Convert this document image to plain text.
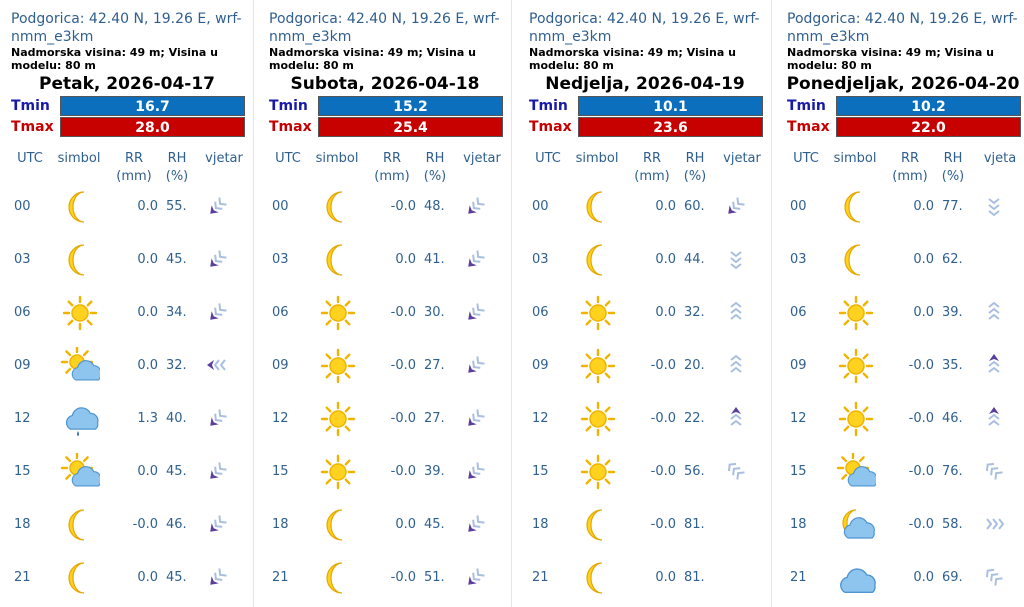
Podgorica: 42.40 N, 19.26 E, wrf-nmm_e3km
Nadmorska visina: 49 m; Visina u modelu: 80 m
Petak, 2026-04-17
Tmin	16.7
Tmax	28.0
UTC	simbol	RR
(mm)
RH
(%)
vjetar
00	0.0 55.
03	0.0 45.
06	0.0 34.
09	0.0 32.
12	1.3 40.
15	0.0 45.
18	-0.0 46.
21	0.0 45.
Podgorica: 42.40 N, 19.26 E, wrf-nmm_e3km
Nadmorska visina: 49 m; Visina u modelu: 80 m
Subota, 2026-04-18
Tmin	15.2
Tmax	25.4
UTC	simbol	RR
(mm)
RH
(%)
vjetar
00	-0.0 48.
03	0.0 41.
06	-0.0 30.
09	-0.0 27.
12	-0.0 27.
15	-0.0 39.
18	0.0 45.
21	-0.0 51.
Podgorica: 42.40 N, 19.26 E, wrf-nmm_e3km
Nadmorska visina: 49 m; Visina u modelu: 80 m
Nedjelja, 2026-04-19
Tmin	10.1
Tmax	23.6
UTC	simbol	RR
(mm)
RH
(%)
vjetar
00	0.0 60.
03	0.0 44.
06	0.0 32.
09	-0.0 20.
12	-0.0 22.
15	-0.0 56.
18	-0.0 81.
21	0.0 81.
Podgorica: 42.40 N, 19.26 E, wrf-nmm_e3km
Nadmorska visina: 49 m; Visina u modelu: 80 m
Ponedjeljak, 2026-04-20
Tmin	10.2
Tmax	22.0
UTC	simbol	RR
(mm)
RH
(%)
vjeta
00	0.0 77.
03	0.0 62.
06	0.0 39.
09	-0.0 35.
12	-0.0 46.
15	-0.0 76.
18	-0.0 58.
21	0.0 69.
